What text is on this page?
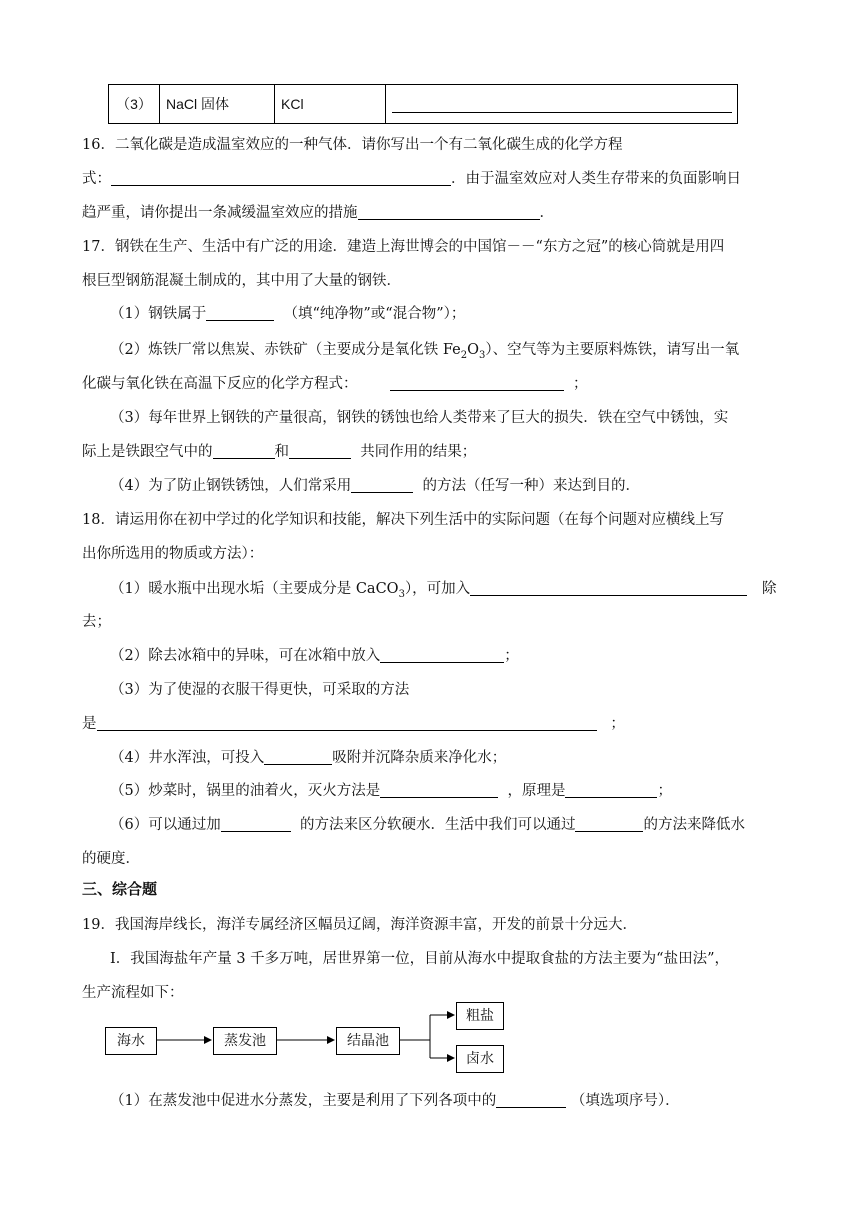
（3）	NaCl 固体	KCl	
16．二氧化碳是造成温室效应的一种气体．请你写出一个有二氧化碳生成的化学方程
式：	．由于温室效应对人类生存带来的负面影响日
趋严重，请你提出一条减缓温室效应的措施	．
17．钢铁在生产、生活中有广泛的用途．建造上海世博会的中国馆－－“东方之冠”的核心筒就是用四
根巨型钢筋混凝土制成的，其中用了大量的钢铁．
（1）钢铁属于	（填“纯净物”或“混合物”）；
（2）炼铁厂常以焦炭、赤铁矿（主要成分是氧化铁 $Fe_2O_3$）、空气等为主要原料炼铁，请写出一氧
化碳与氧化铁在高温下反应的化学方程式：	；
（3）每年世界上钢铁的产量很高，钢铁的锈蚀也给人类带来了巨大的损失．铁在空气中锈蚀，实
际上是铁跟空气中的	和	共同作用的结果；
（4）为了防止钢铁锈蚀，人们常采用	的方法（任写一种）来达到目的．
18．请运用你在初中学过的化学知识和技能，解决下列生活中的实际问题（在每个问题对应横线上写
出你所选用的物质或方法）：
（1）暖水瓶中出现水垢（主要成分是 CaCO$_3$），可加入	除
去；
（2）除去冰箱中的异味，可在冰箱中放入	；
（3）为了使湿的衣服干得更快，可采取的方法
是	；
（4）井水浑浊，可投入	吸附并沉降杂质来净化水；
（5）炒菜时，锅里的油着火，灭火方法是	，原理是	；
（6）可以通过加	的方法来区分软硬水．生活中我们可以通过	的方法来降低水
的硬度．
三、综合题
19．我国海岸线长，海洋专属经济区幅员辽阔，海洋资源丰富，开发的前景十分远大．
I．我国海盐年产量 3 千多万吨，居世界第一位，目前从海水中提取食盐的方法主要为“盐田法”，
生产流程如下：
海水	蒸发池	结晶池
粗盐
卤水
（1）在蒸发池中促进水分蒸发，主要是利用了下列各项中的	（填选项序号）．
